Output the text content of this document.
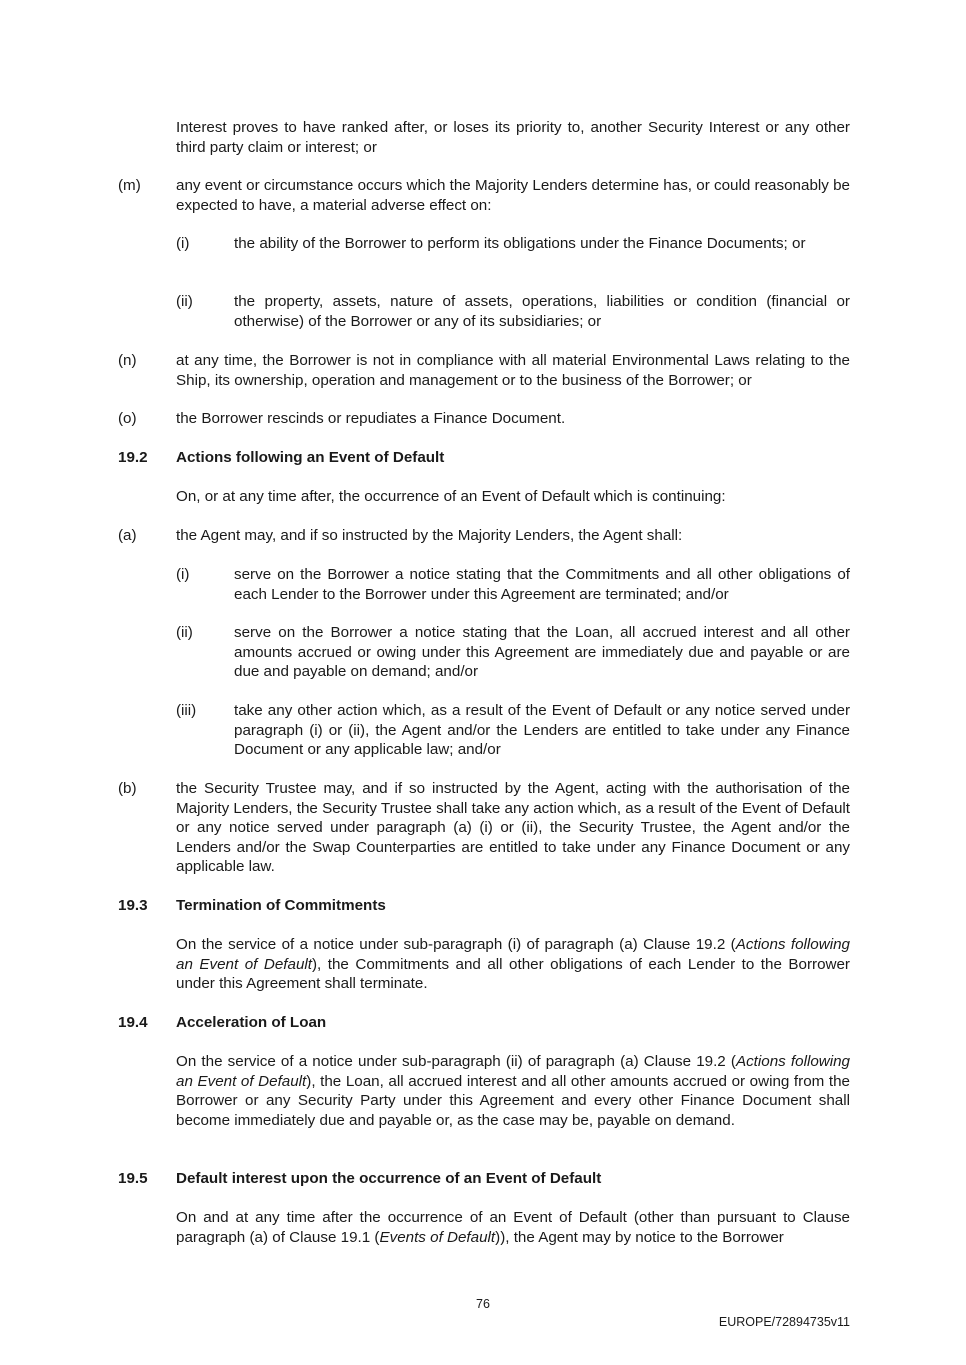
Interest proves to have ranked after, or loses its priority to, another Security Interest or any other third party claim or interest; or
(m) any event or circumstance occurs which the Majority Lenders determine has, or could reasonably be expected to have, a material adverse effect on:
(i)	the ability of the Borrower to perform its obligations under the Finance Documents; or
(ii)	the property, assets, nature of assets, operations, liabilities or condition (financial or otherwise) of the Borrower or any of its subsidiaries; or
(n)	at any time, the Borrower is not in compliance with all material Environmental Laws relating to the Ship, its ownership, operation and management or to the business of the Borrower; or
(o)	the Borrower rescinds or repudiates a Finance Document.
19.2 Actions following an Event of Default
On, or at any time after, the occurrence of an Event of Default which is continuing:
(a)	the Agent may, and if so instructed by the Majority Lenders, the Agent shall:
(i)	serve on the Borrower a notice stating that the Commitments and all other obligations of each Lender to the Borrower under this Agreement are terminated; and/or
(ii)	serve on the Borrower a notice stating that the Loan, all accrued interest and all other amounts accrued or owing under this Agreement are immediately due and payable or are due and payable on demand; and/or
(iii) take any other action which, as a result of the Event of Default or any notice served under paragraph (i) or (ii), the Agent and/or the Lenders are entitled to take under any Finance Document or any applicable law; and/or
(b)	the Security Trustee may, and if so instructed by the Agent, acting with the authorisation of the Majority Lenders, the Security Trustee shall take any action which, as a result of the Event of Default or any notice served under paragraph (a) (i) or (ii), the Security Trustee, the Agent and/or the Lenders and/or the Swap Counterparties are entitled to take under any Finance Document or any applicable law.
19.3 Termination of Commitments
On the service of a notice under sub-paragraph (i) of paragraph (a) Clause 19.2 (Actions following an Event of Default), the Commitments and all other obligations of each Lender to the Borrower under this Agreement shall terminate.
19.4 Acceleration of Loan
On the service of a notice under sub-paragraph (ii) of paragraph (a) Clause 19.2 (Actions following an Event of Default), the Loan, all accrued interest and all other amounts accrued or owing from the Borrower or any Security Party under this Agreement and every other Finance Document shall become immediately due and payable or, as the case may be, payable on demand.
19.5 Default interest upon the occurrence of an Event of Default
On and at any time after the occurrence of an Event of Default (other than pursuant to Clause paragraph (a) of Clause 19.1 (Events of Default)), the Agent may by notice to the Borrower
76
EUROPE/72894735v11
